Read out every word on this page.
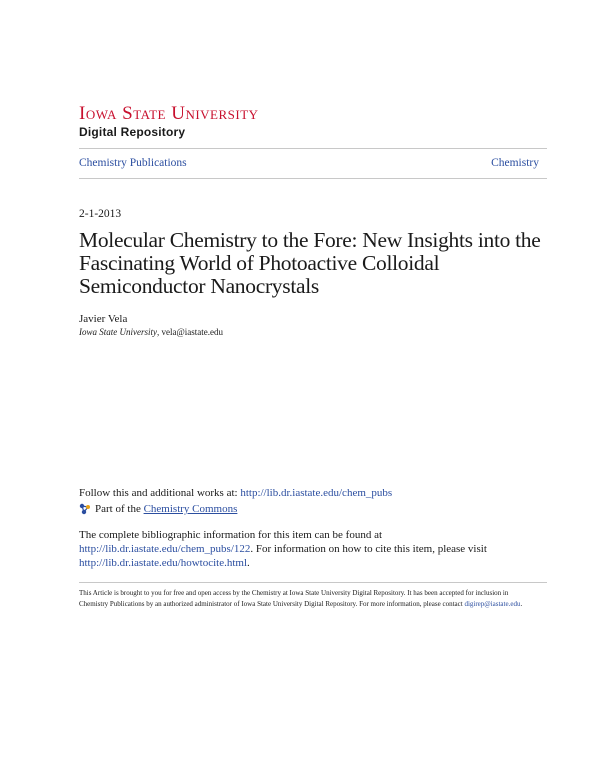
Iowa State University
Digital Repository
Chemistry Publications	Chemistry
2-1-2013
Molecular Chemistry to the Fore: New Insights into the Fascinating World of Photoactive Colloidal Semiconductor Nanocrystals
Javier Vela
Iowa State University, vela@iastate.edu
Follow this and additional works at: http://lib.dr.iastate.edu/chem_pubs
Part of the
Chemistry Commons
The complete bibliographic information for this item can be found at http://lib.dr.iastate.edu/chem_pubs/122. For information on how to cite this item, please visit http://lib.dr.iastate.edu/howtocite.html.
This Article is brought to you for free and open access by the Chemistry at Iowa State University Digital Repository. It has been accepted for inclusion in Chemistry Publications by an authorized administrator of Iowa State University Digital Repository. For more information, please contact digirep@iastate.edu.
